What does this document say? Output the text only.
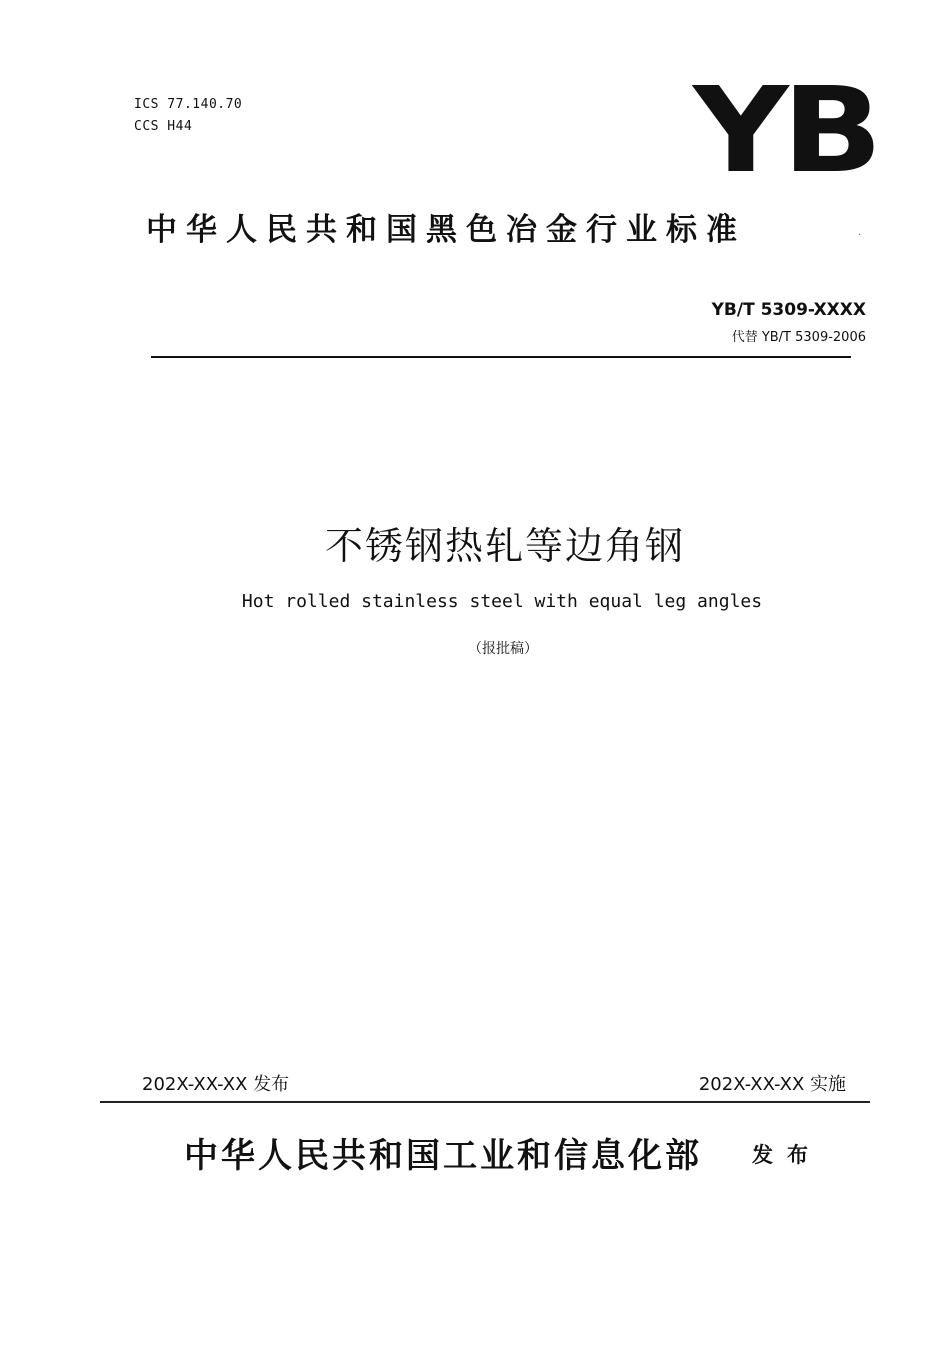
ICS 77.140.70
CCS H44	YB
中华人民共和国黑色冶金行业标准	.
YB/T 5309-XXXX
代替 YB/T 5309-2006
不锈钢热轧等边角钢
Hot rolled stainless steel with equal leg angles
（报批稿）
202X-XX-XX 发布	202X-XX-XX 实施
中华人民共和国工业和信息化部 发布
